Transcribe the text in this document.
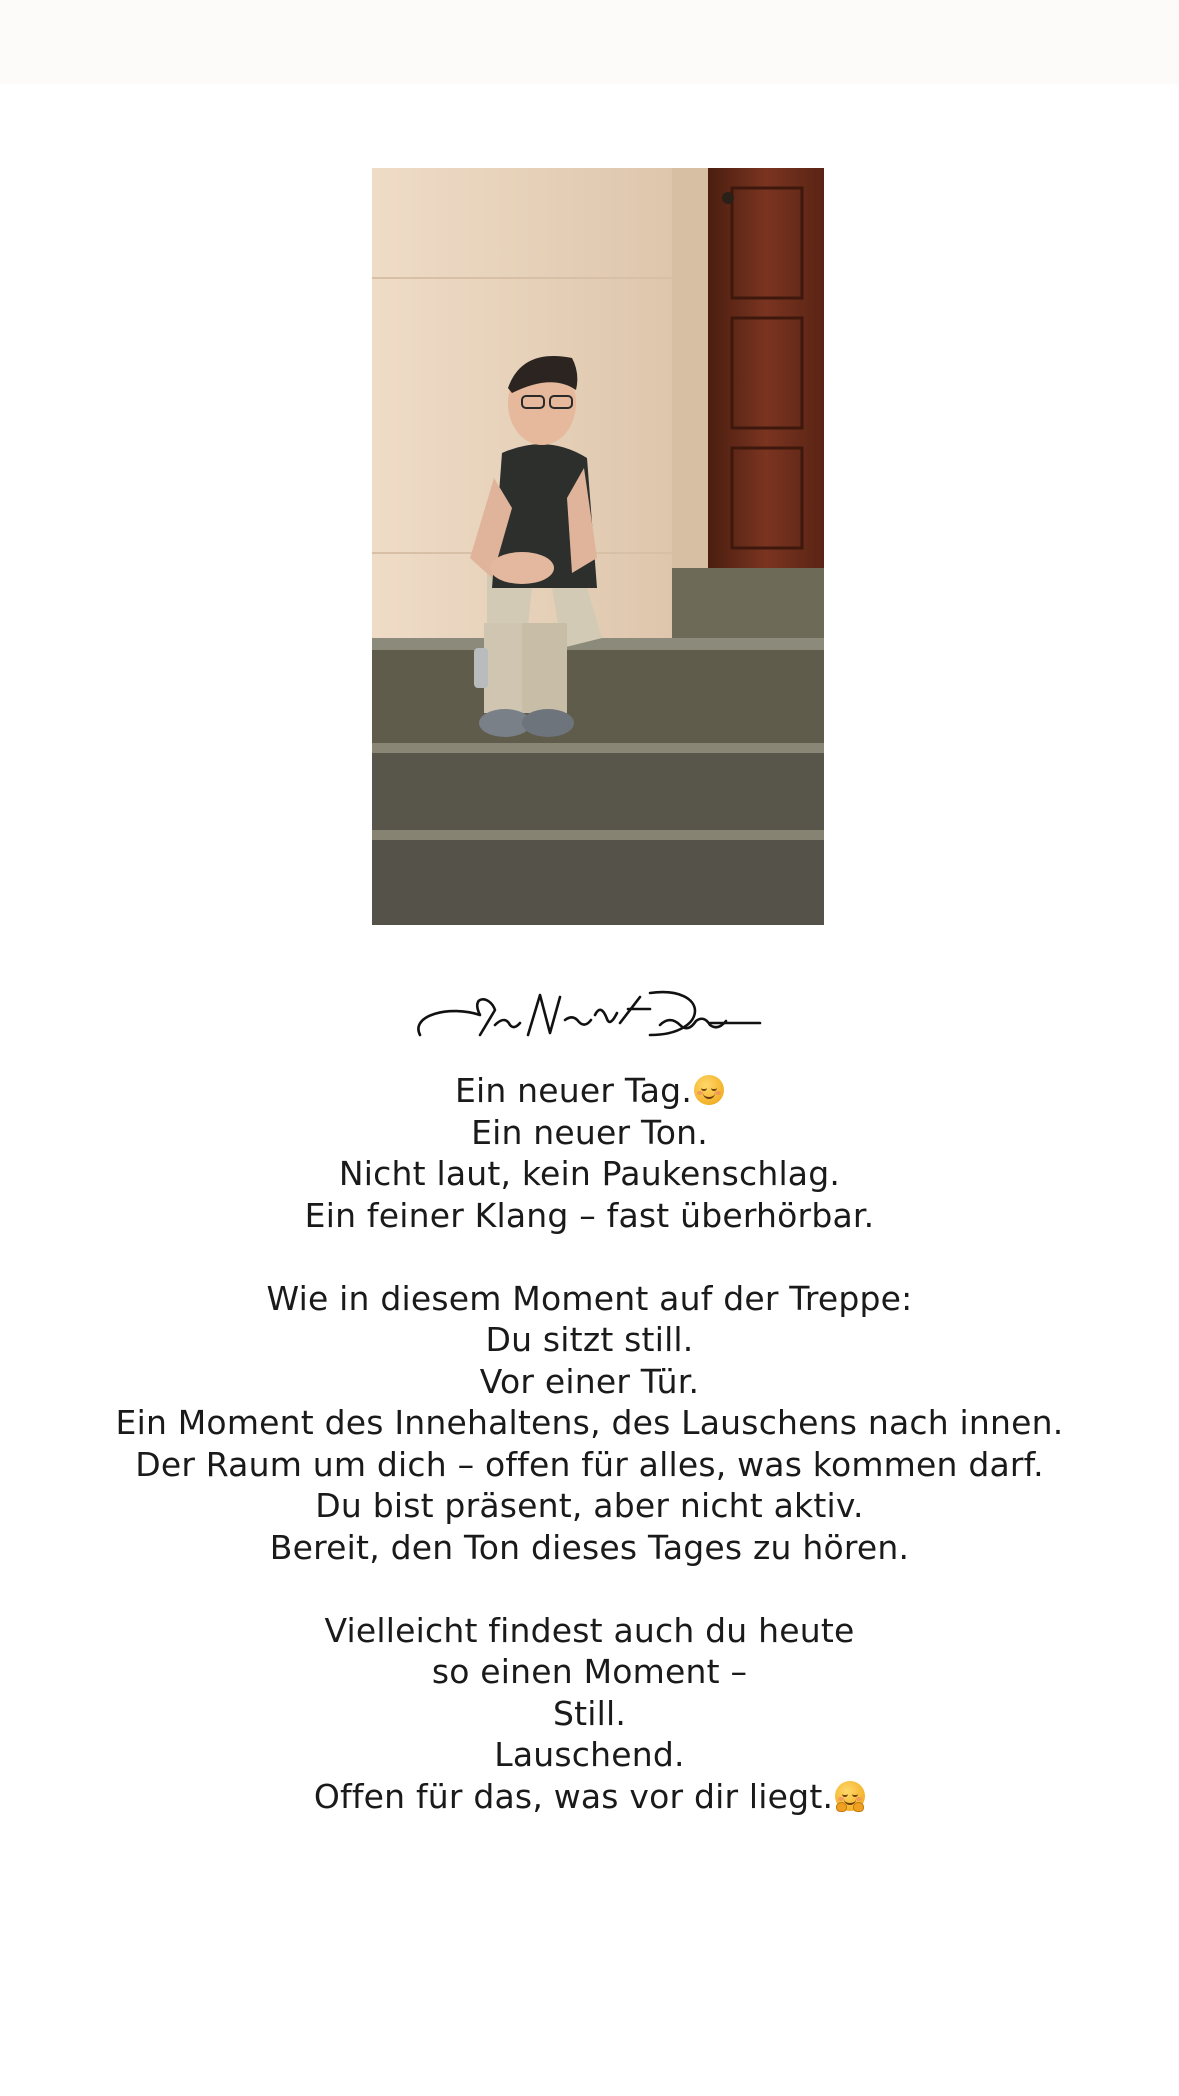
Ein neuer Tag.
Ein neuer Ton.
Nicht laut, kein Paukenschlag.
Ein feiner Klang – fast überhörbar.
Wie in diesem Moment auf der Treppe:
Du sitzt still.
Vor einer Tür.
Ein Moment des Innehaltens, des Lauschens nach innen.
Der Raum um dich – offen für alles, was kommen darf.
Du bist präsent, aber nicht aktiv.
Bereit, den Ton dieses Tages zu hören.
Vielleicht findest auch du heute
so einen Moment –
Still.
Lauschend.
Offen für das, was vor dir liegt.
